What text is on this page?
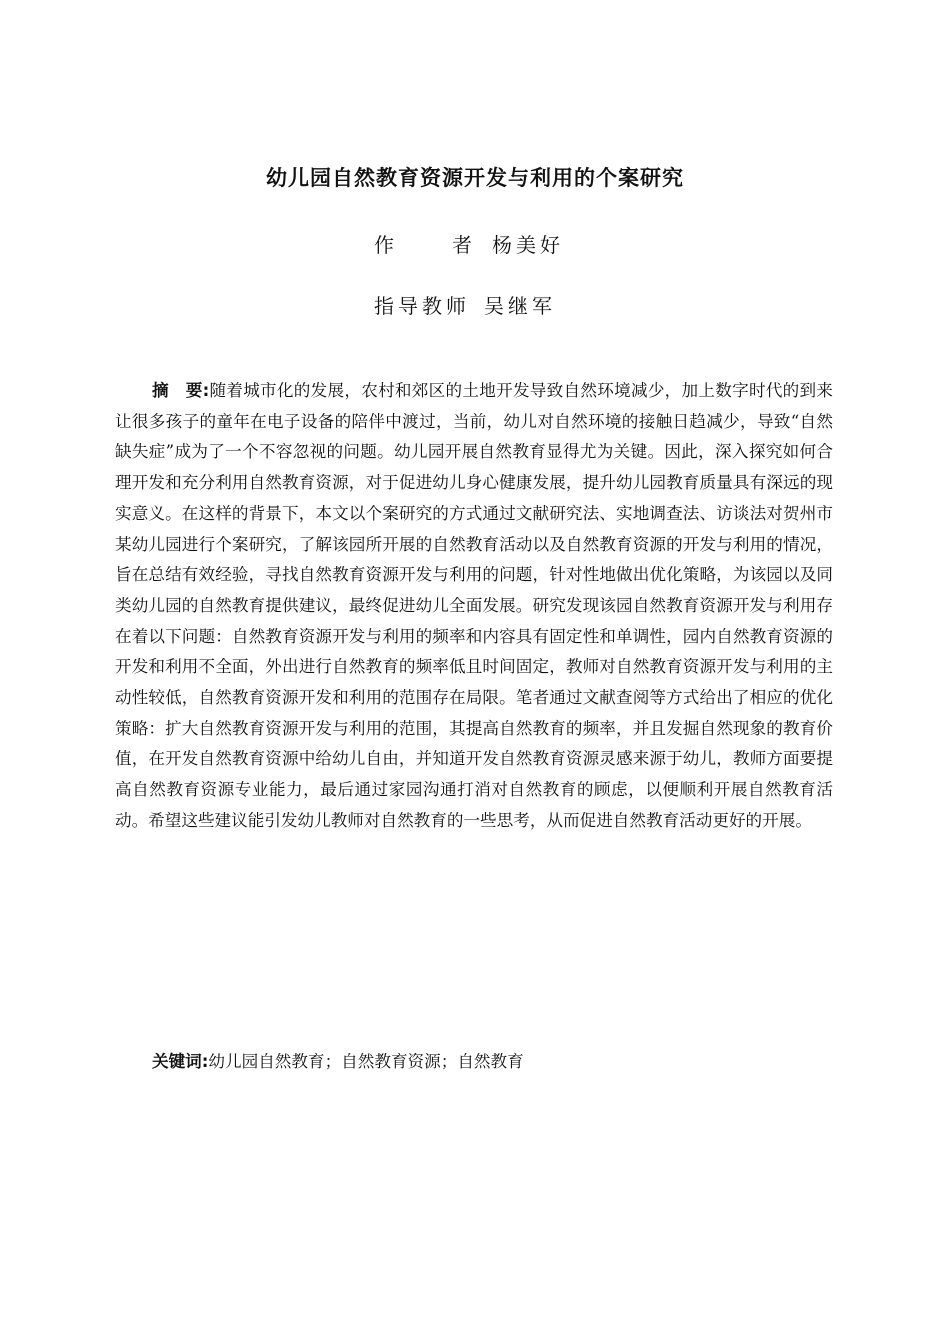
幼儿园自然教育资源开发与利用的个案研究
作	者 杨美好
指导教师 吴继军

摘　要:随着城市化的发展，农村和郊区的土地开发导致自然环境减少，加上数字时代的到来让很多孩子的童年在电子设备的陪伴中渡过，当前，幼儿对自然环境的接触日趋减少，导致“自然缺失症”成为了一个不容忽视的问题。幼儿园开展自然教育显得尤为关键。因此，深入探究如何合理开发和充分利用自然教育资源，对于促进幼儿身心健康发展，提升幼儿园教育质量具有深远的现实意义。在这样的背景下，本文以个案研究的方式通过文献研究法、实地调查法、访谈法对贺州市某幼儿园进行个案研究，了解该园所开展的自然教育活动以及自然教育资源的开发与利用的情况，旨在总结有效经验，寻找自然教育资源开发与利用的问题，针对性地做出优化策略，为该园以及同类幼儿园的自然教育提供建议，最终促进幼儿全面发展。研究发现该园自然教育资源开发与利用存在着以下问题：自然教育资源开发与利用的频率和内容具有固定性和单调性，园内自然教育资源的开发和利用不全面，外出进行自然教育的频率低且时间固定，教师对自然教育资源开发与利用的主动性较低，自然教育资源开发和利用的范围存在局限。笔者通过文献查阅等方式给出了相应的优化策略：扩大自然教育资源开发与利用的范围，其提高自然教育的频率，并且发掘自然现象的教育价值，在开发自然教育资源中给幼儿自由，并知道开发自然教育资源灵感来源于幼儿，教师方面要提高自然教育资源专业能力，最后通过家园沟通打消对自然教育的顾虑，以便顺利开展自然教育活动。希望这些建议能引发幼儿教师对自然教育的一些思考，从而促进自然教育活动更好的开展。

关键词:幼儿园自然教育；自然教育资源；自然教育
